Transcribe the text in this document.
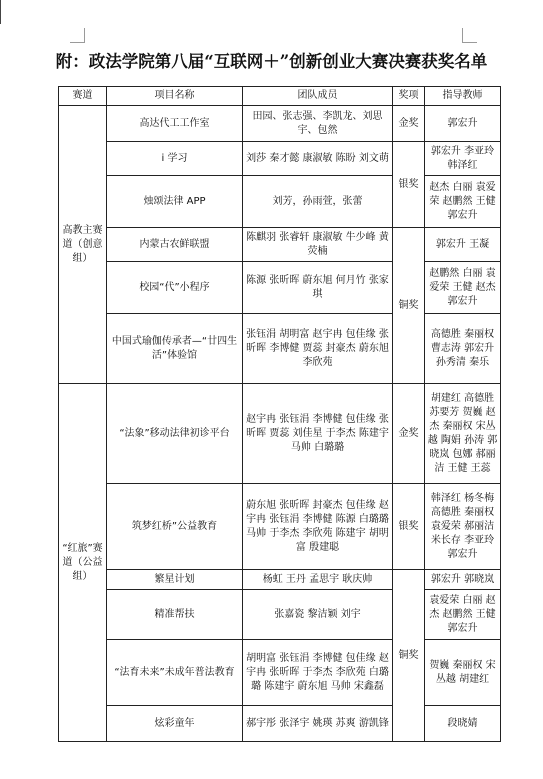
附：政法学院第八届“互联网＋”创新创业大赛决赛获奖名单
赛道	项目名称	团队成员	奖项	指导教师
高教主赛道（创意组）	高达代工工作室	田园、张志强、李凯龙、刘思宇、包然	金奖	郭宏升
	i 学习	刘莎 秦才懿 康淑敏 陈盼 刘文萌	银奖	郭宏升 李亚玲 韩泽红
	烛颂法律 APP	刘芳，孙雨萱，张蕾		赵杰 白丽 袁爱荣 赵鹏然 王健 郭宏升
	内蒙古农鲜联盟	陈麒羽 张睿轩 康淑敏 牛少峰 黄荧楠	铜奖	郭宏升 王凝
	校园“代”小程序	陈源 张昕晖 蔚东旭 何月竹 张家琪		赵鹏然 白丽 袁爱荣 王健 赵杰 郭宏升
	中国式瑜伽传承者—“廿四生活”体验馆	张钰涓 胡明富 赵宇冉 包佳缘 张昕晖 李博健 贾蕊 封豪杰 蔚东旭 李欣苑		高德胜 秦丽权 曹志涛 郭宏升 孙秀清 秦乐
“红旅”赛道（公益组）	“法象”移动法律初诊平台	赵宇冉 张钰涓 李博健 包佳缘 张昕晖 贾蕊 刘佳星 于李杰 陈建宇 马帅 白璐璐	金奖	胡建红 高德胜 苏要芳 贺巍 赵杰 秦丽权 宋丛越 陶娟 孙涛 郭晓岚 包娜 郝丽洁 王健 王蕊
	筑梦红桥”公益教育	蔚东旭 张昕晖 封豪杰 包佳缘 赵宇冉 张钰涓 李博健 陈源 白璐璐 马帅 于李杰 李欣苑 陈建宇 胡明富 殷建聪	银奖	韩泽红 杨冬梅 高德胜 秦丽权 袁爱荣 郝丽洁 米长存 李亚玲 郭宏升
	繁星计划	杨虹 王丹 孟思宇 耿庆帅	铜奖	郭宏升 郭晓岚
	精准帮扶	张嘉瓷 黎洁颖 刘宇		袁爱荣 白丽 赵杰 赵鹏然 王健 郭宏升
	“法育未来”未成年普法教育	胡明富 张钰涓 李博健 包佳缘 赵宇冉 张昕晖 于李杰 李欣苑 白璐璐 陈建宇 蔚东旭 马帅 宋鑫磊		贺巍 秦丽权 宋丛越 胡建红
	炫彩童年	郝宇彤 张泽宇 姚瑛 苏爽 游凯锋		段晓婧
